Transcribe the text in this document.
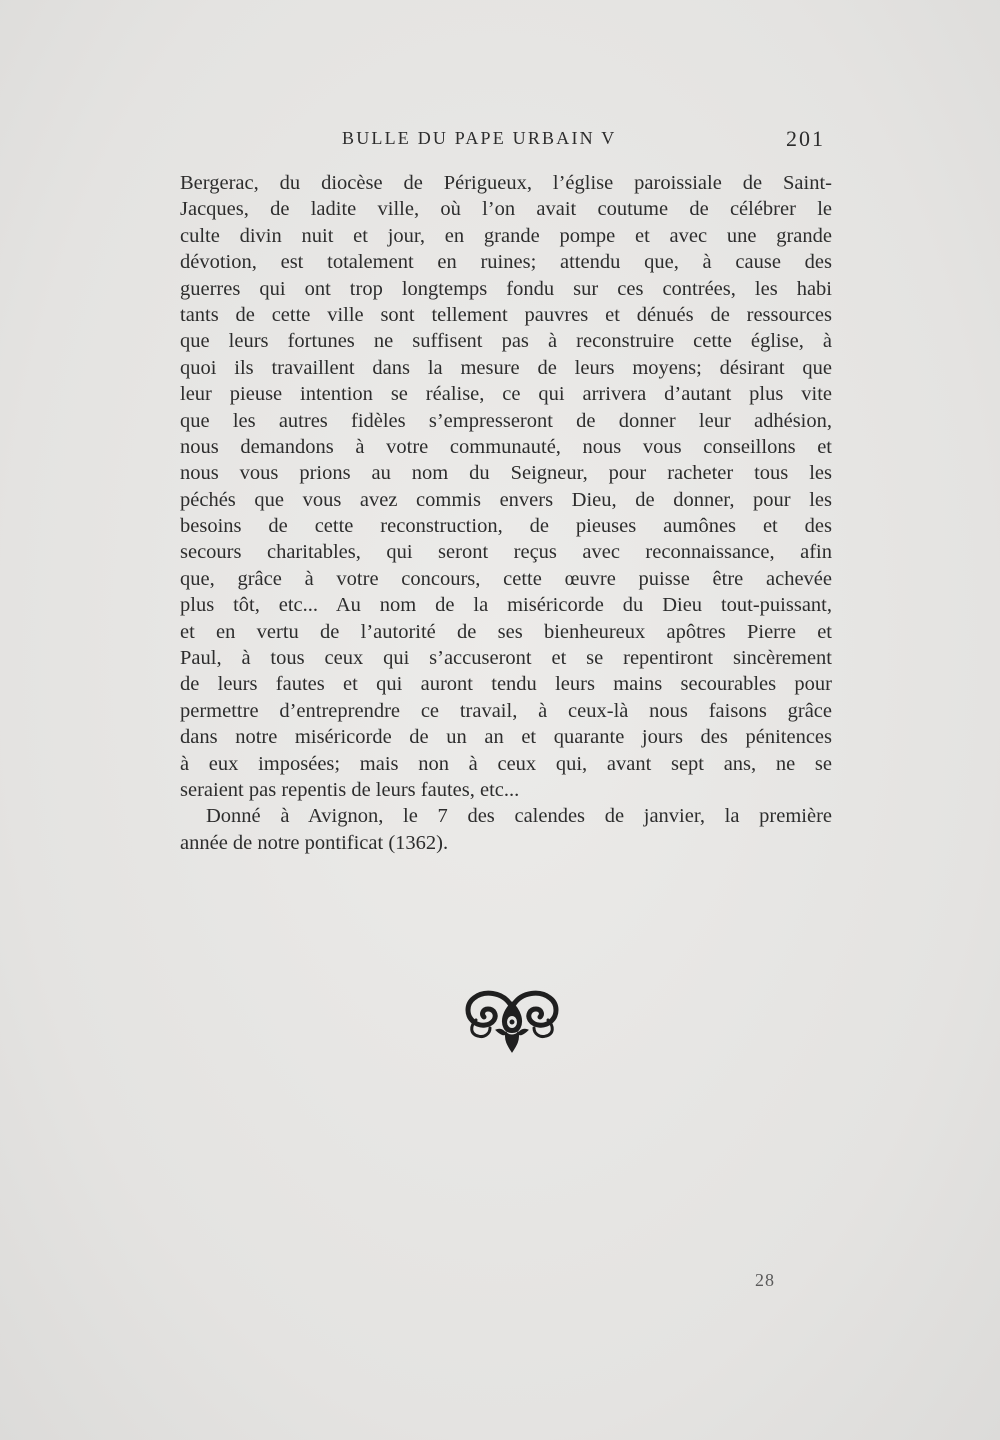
BULLE DU PAPE URBAIN V	201
Bergerac, du diocèse de Périgueux, l’église paroissiale de Saint-
Jacques, de ladite ville, où l’on avait coutume de célébrer le
culte divin nuit et jour, en grande pompe et avec une grande
dévotion, est totalement en ruines; attendu que, à cause des
guerres qui ont trop longtemps fondu sur ces contrées, les habi
tants de cette ville sont tellement pauvres et dénués de ressources
que leurs fortunes ne suffisent pas à reconstruire cette église, à
quoi ils travaillent dans la mesure de leurs moyens; désirant que
leur pieuse intention se réalise, ce qui arrivera d’autant plus vite
que les autres fidèles s’empresseront de donner leur adhésion,
nous demandons à votre communauté, nous vous conseillons et
nous vous prions au nom du Seigneur, pour racheter tous les
péchés que vous avez commis envers Dieu, de donner, pour les
besoins de cette reconstruction, de pieuses aumônes et des
secours charitables, qui seront reçus avec reconnaissance, afin
que, grâce à votre concours, cette œuvre puisse être achevée
plus tôt, etc... Au nom de la miséricorde du Dieu tout-puissant,
et en vertu de l’autorité de ses bienheureux apôtres Pierre et
Paul, à tous ceux qui s’accuseront et se repentiront sincèrement
de leurs fautes et qui auront tendu leurs mains secourables pour
permettre d’entreprendre ce travail, à ceux-là nous faisons grâce
dans notre miséricorde de un an et quarante jours des pénitences
à eux imposées; mais non à ceux qui, avant sept ans, ne se
seraient pas repentis de leurs fautes, etc...
Donné à Avignon, le 7 des calendes de janvier, la première
année de notre pontificat (1362).
28
